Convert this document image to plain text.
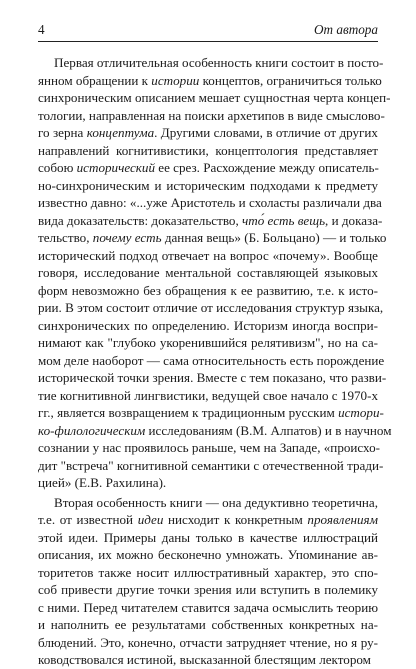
4	От автора
Первая отличительная особенность книги состоит в посто-
янном обращении к истории концептов, ограничиться только
синхроническим описанием мешает сущностная черта концеп-
тологии, направленная на поиски архетипов в виде смыслово-
го зерна концептума. Другими словами, в отличие от других
направлений когнитивистики, концептология представляет
собою исторический ее срез. Расхождение между описатель-
но-синхроническим и историческим подходами к предмету
известно давно: «...уже Аристотель и схоласты различали два
вида доказательств: доказательство, что́ есть вещь, и доказа-
тельство, почему есть данная вещь» (Б. Больцано) — и только
исторический подход отвечает на вопрос «почему». Вообще
говоря, исследование ментальной составляющей языковых
форм невозможно без обращения к ее развитию, т.е. к исто-
рии. В этом состоит отличие от исследования структур языка,
синхронических по определению. Историзм иногда воспри-
нимают как "глубоко укоренившийся релятивизм", но на са-
мом деле наоборот — сама относительность есть порождение
исторической точки зрения. Вместе с тем показано, что разви-
тие когнитивной лингвистики, ведущей свое начало с 1970-х
гг., является возвращением к традиционным русским истори-
ко-филологическим исследованиям (В.М. Алпатов) и в научном
сознании у нас проявилось раньше, чем на Западе, «происхо-
дит "встреча" когнитивной семантики с отечественной тради-
цией» (Е.В. Рахилина).
Вторая особенность книги — она дедуктивно теоретична,
т.е. от известной идеи нисходит к конкретным проявлениям
этой идеи. Примеры даны только в качестве иллюстраций
описания, их можно бесконечно умножать. Упоминание ав-
торитетов также носит иллюстративный характер, это спо-
соб привести другие точки зрения или вступить в полемику
с ними. Перед читателем ставится задача осмыслить теорию
и наполнить ее результатами собственных конкретных на-
блюдений. Это, конечно, отчасти затрудняет чтение, но я ру-
ководствовался истиной, высказанной блестящим лектором
